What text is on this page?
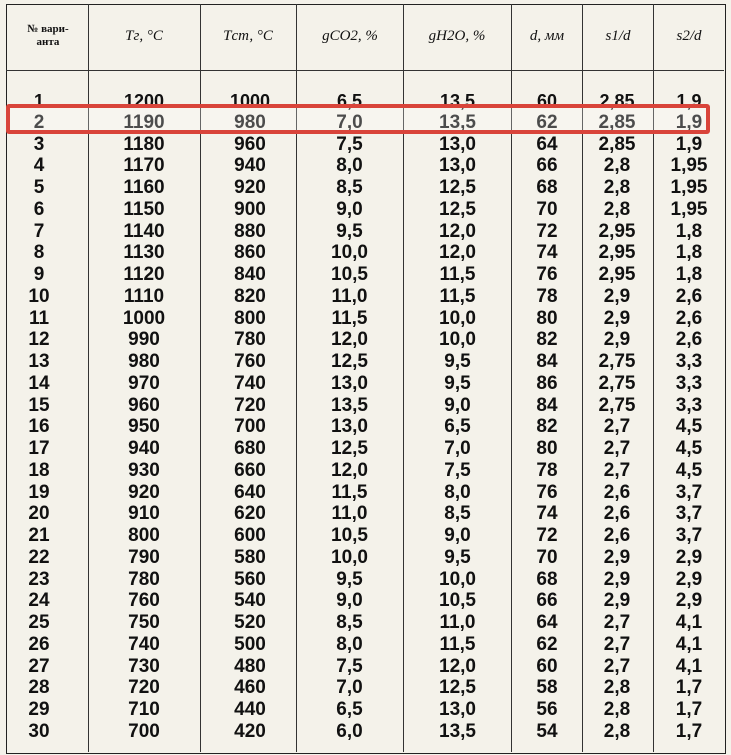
№ вари- анта	Tг, °C	Tст, °C	gCO2, %	gH2O, %	d, мм	s1/d	s2/d
1	1200	1000	6,5	13,5	60	2,85	1,9
2	1190	980	7,0	13,5	62	2,85	1,9
3	1180	960	7,5	13,0	64	2,85	1,9
4	1170	940	8,0	13,0	66	2,8	1,95
5	1160	920	8,5	12,5	68	2,8	1,95
6	1150	900	9,0	12,5	70	2,8	1,95
7	1140	880	9,5	12,0	72	2,95	1,8
8	1130	860	10,0	12,0	74	2,95	1,8
9	1120	840	10,5	11,5	76	2,95	1,8
10	1110	820	11,0	11,5	78	2,9	2,6
11	1000	800	11,5	10,0	80	2,9	2,6
12	990	780	12,0	10,0	82	2,9	2,6
13	980	760	12,5	9,5	84	2,75	3,3
14	970	740	13,0	9,5	86	2,75	3,3
15	960	720	13,5	9,0	84	2,75	3,3
16	950	700	13,0	6,5	82	2,7	4,5
17	940	680	12,5	7,0	80	2,7	4,5
18	930	660	12,0	7,5	78	2,7	4,5
19	920	640	11,5	8,0	76	2,6	3,7
20	910	620	11,0	8,5	74	2,6	3,7
21	800	600	10,5	9,0	72	2,6	3,7
22	790	580	10,0	9,5	70	2,9	2,9
23	780	560	9,5	10,0	68	2,9	2,9
24	760	540	9,0	10,5	66	2,9	2,9
25	750	520	8,5	11,0	64	2,7	4,1
26	740	500	8,0	11,5	62	2,7	4,1
27	730	480	7,5	12,0	60	2,7	4,1
28	720	460	7,0	12,5	58	2,8	1,7
29	710	440	6,5	13,0	56	2,8	1,7
30	700	420	6,0	13,5	54	2,8	1,7
